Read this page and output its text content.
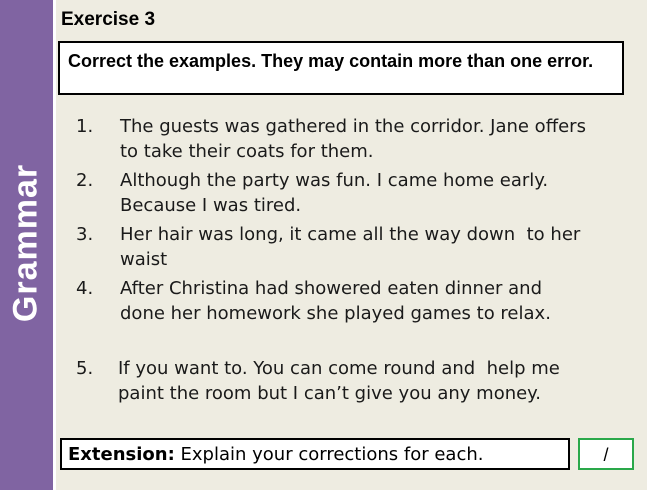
Grammar
Exercise 3
Correct the examples. They may contain more than one error.
1. The guests was gathered in the corridor. Jane offers to take their coats for them.
2. Although the party was fun. I came home early. Because I was tired.
3. Her hair was long, it came all the way down  to her waist
4. After Christina had showered eaten dinner and done her homework she played games to relax.
5. If you want to. You can come round and  help me paint the room but I can’t give you any money.
Extension: Explain your corrections for each.	/
